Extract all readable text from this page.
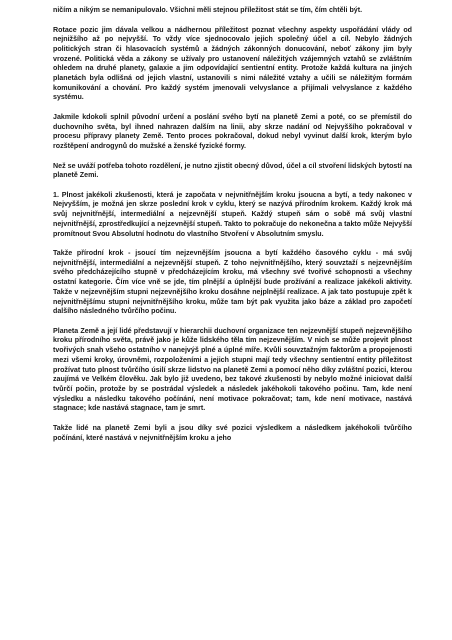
ničím a nikým se nemanipulovalo. Všichni měli stejnou příležitost stát se tím, čím chtěli být.

Rotace pozic jim dávala velkou a nádhernou příležitost poznat všechny aspekty uspořádání vlády od nejnižšího až po nejvyšší. To vždy více sjednocovalo jejich společný účel a cíl. Nebylo žádných politických stran či hlasovacích systémů a žádných zákonných donucování, neboť zákony jim byly vrozené. Politická věda a zákony se užívaly pro ustanovení náležitých vzájemných vztahů se zvláštním ohledem na druhé planety, galaxie a jim odpovídající sentientní entity. Protože každá kultura na jiných planetách byla odlišná od jejich vlastní, ustanovili s nimi náležité vztahy a učili se náležitým formám komunikování a chování. Pro každý systém jmenovali velvyslance a přijímali velvyslance z každého systému.

Jakmile kdokoli splnil původní určení a poslání svého bytí na planetě Zemi a poté, co se přemístil do duchovního světa, byl ihned nahrazen dalším na linii, aby skrze nadání od Nejvyššího pokračoval v procesu přípravy planety Země. Tento proces pokračoval, dokud nebyl vyvinut další krok, kterým bylo rozštěpení androgynů do mužské a ženské fyzické formy.

Než se uváží potřeba tohoto rozdělení, je nutno zjistit obecný důvod, účel a cíl stvoření lidských bytostí na planetě Zemi.

1. Plnost jakékoli zkušenosti, která je započata v nejvnitřnějším kroku jsoucna a bytí, a tedy nakonec v Nejvyšším, je možná jen skrze poslední krok v cyklu, který se nazývá přírodním krokem. Každý krok má svůj nejvnitřnější, intermediální a nejzevnější stupeň. Každý stupeň sám o sobě má svůj vlastní nejvnitřnější, zprostředkující a nejzevnější stupeň. Takto to pokračuje do nekonečna a takto může Nejvyšší promítnout Svou Absolutní hodnotu do vlastního Stvoření v Absolutním smyslu.

Takže přírodní krok - jsoucí tím nejzevnějším jsoucna a bytí každého časového cyklu - má svůj nejvnitřnější, intermediální a nejzevnější stupeň. Z toho nejvnitřnějšího, který souvztaží s nejzevnějším svého předcházejícího stupně v předcházejícím kroku, má všechny své tvořivé schopnosti a všechny ostatní kategorie. Čím více vně se jde, tím plnější a úplnější bude prožívání a realizace jakékoli aktivity. Takže v nejzevnějším stupni nejzevnějšího kroku dosáhne nejplnější realizace. A jak tato postupuje zpět k nejvnitřnějšímu stupni nejvnitřnějšího kroku, může tam být pak využita jako báze a základ pro započetí dalšího následného tvůrčího počinu.

Planeta Země a její lidé představují v hierarchii duchovní organizace ten nejzevnější stupeň nejzevnějšího kroku přírodního světa, právě jako je kůže lidského těla tím nejzevnějším. V nich se může projevit plnost tvořivých snah všeho ostatního v nanejvýš plné a úplné míře. Kvůli souvztažným faktorům a propojenosti mezi všemi kroky, úrovněmi, rozpoloženími a jejich stupni mají tedy všechny sentientní entity příležitost prožívat tuto plnost tvůrčího úsilí skrze lidstvo na planetě Zemi a pomocí něho díky zvláštní pozici, kterou zaujímá ve Velkém člověku. Jak bylo již uvedeno, bez takové zkušenosti by nebylo možné iniciovat další tvůrčí počin, protože by se postrádal výsledek a následek jakéhokoli takového počinu. Tam, kde není výsledku a následku takového počínání, není motivace pokračovat; tam, kde není motivace, nastává stagnace; kde nastává stagnace, tam je smrt.

Takže lidé na planetě Zemi byli a jsou díky své pozici výsledkem a následkem jakéhokoli tvůrčího počínání, které nastává v nejvnitřnějším kroku a jeho
